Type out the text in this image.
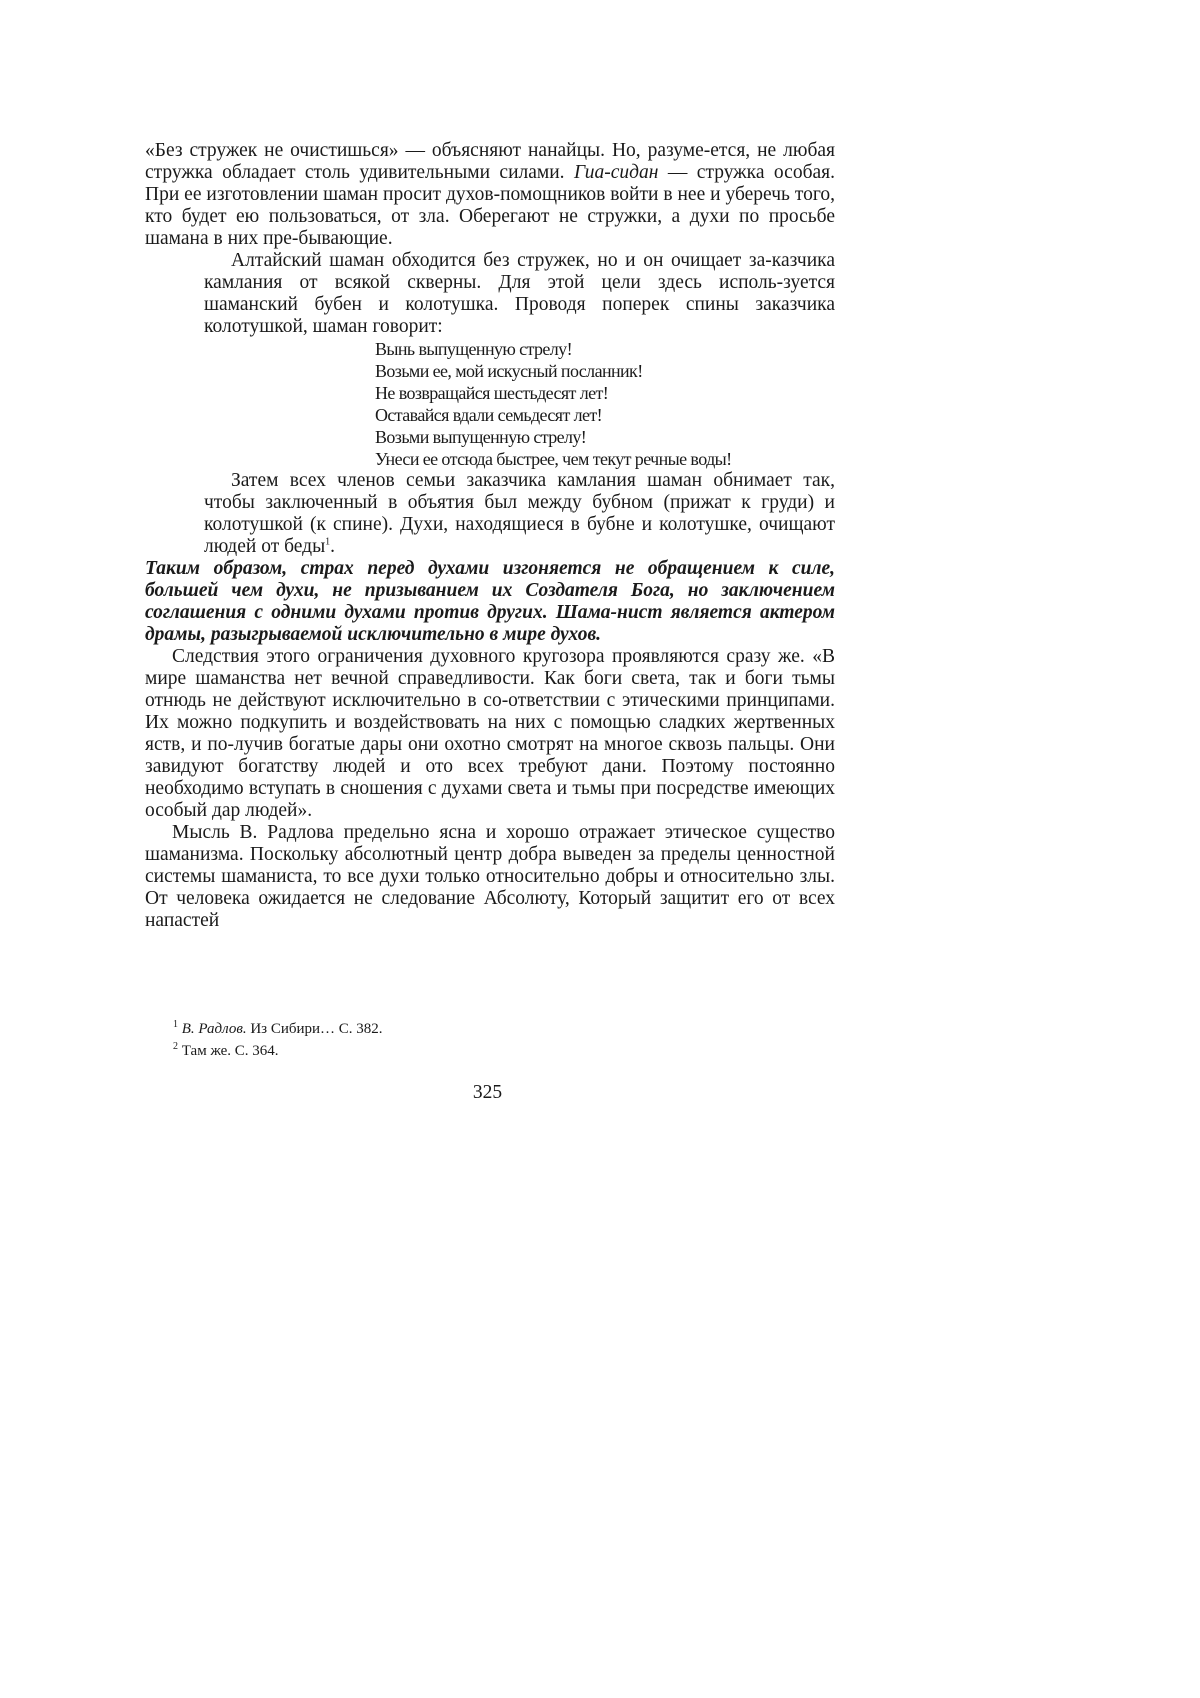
«Без стружек не очистишься» — объясняют нанайцы. Но, разуме-ется, не любая стружка обладает столь удивительными силами. Гиа-сидан — стружка особая. При ее изготовлении шаман просит духов-помощников войти в нее и уберечь того, кто будет ею пользоваться, от зла. Оберегают не стружки, а духи по просьбе шамана в них пре-бывающие.

Алтайский шаман обходится без стружек, но и он очищает за-казчика камлания от всякой скверны. Для этой цели здесь исполь-зуется шаманский бубен и колотушка. Проводя поперек спины заказчика колотушкой, шаман говорит:

Вынь выпущенную стрелу!
Возьми ее, мой искусный посланник!
Не возвращайся шестьдесят лет!
Оставайся вдали семьдесят лет!
Возьми выпущенную стрелу!
Унеси ее отсюда быстрее, чем текут речные воды!

Затем всех членов семьи заказчика камлания шаман обнимает так, чтобы заключенный в объятия был между бубном (прижат к груди) и колотушкой (к спине). Духи, находящиеся в бубне и колотушке, очищают людей от беды$^1$.

Таким образом, страх перед духами изгоняется не обращением к силе, большей чем духи, не призыванием их Создателя Бога, но заключением соглашения с одними духами против других. Шама-нист является актером драмы, разыгрываемой исключительно в мире духов.

Следствия этого ограничения духовного кругозора проявляются сразу же. «В мире шаманства нет вечной справедливости. Как боги света, так и боги тьмы отнюдь не действуют исключительно в со-ответствии с этическими принципами. Их можно подкупить и воздействовать на них с помощью сладких жертвенных яств, и по-лучив богатые дары они охотно смотрят на многое сквозь пальцы. Они завидуют богатству людей и ото всех требуют дани. Поэтому постоянно необходимо вступать в сношения с духами света и тьмы при посредстве имеющих особый дар людей».

Мысль В. Радлова предельно ясна и хорошо отражает этическое существо шаманизма. Поскольку абсолютный центр добра выведен за пределы ценностной системы шаманиста, то все духи только относительно добры и относительно злы. От человека ожидается не следование Абсолюту, Который защитит его от всех напастей

$^1$ В. Радлов. Из Сибири… С. 382.
$^2$ Там же. С. 364.
325
